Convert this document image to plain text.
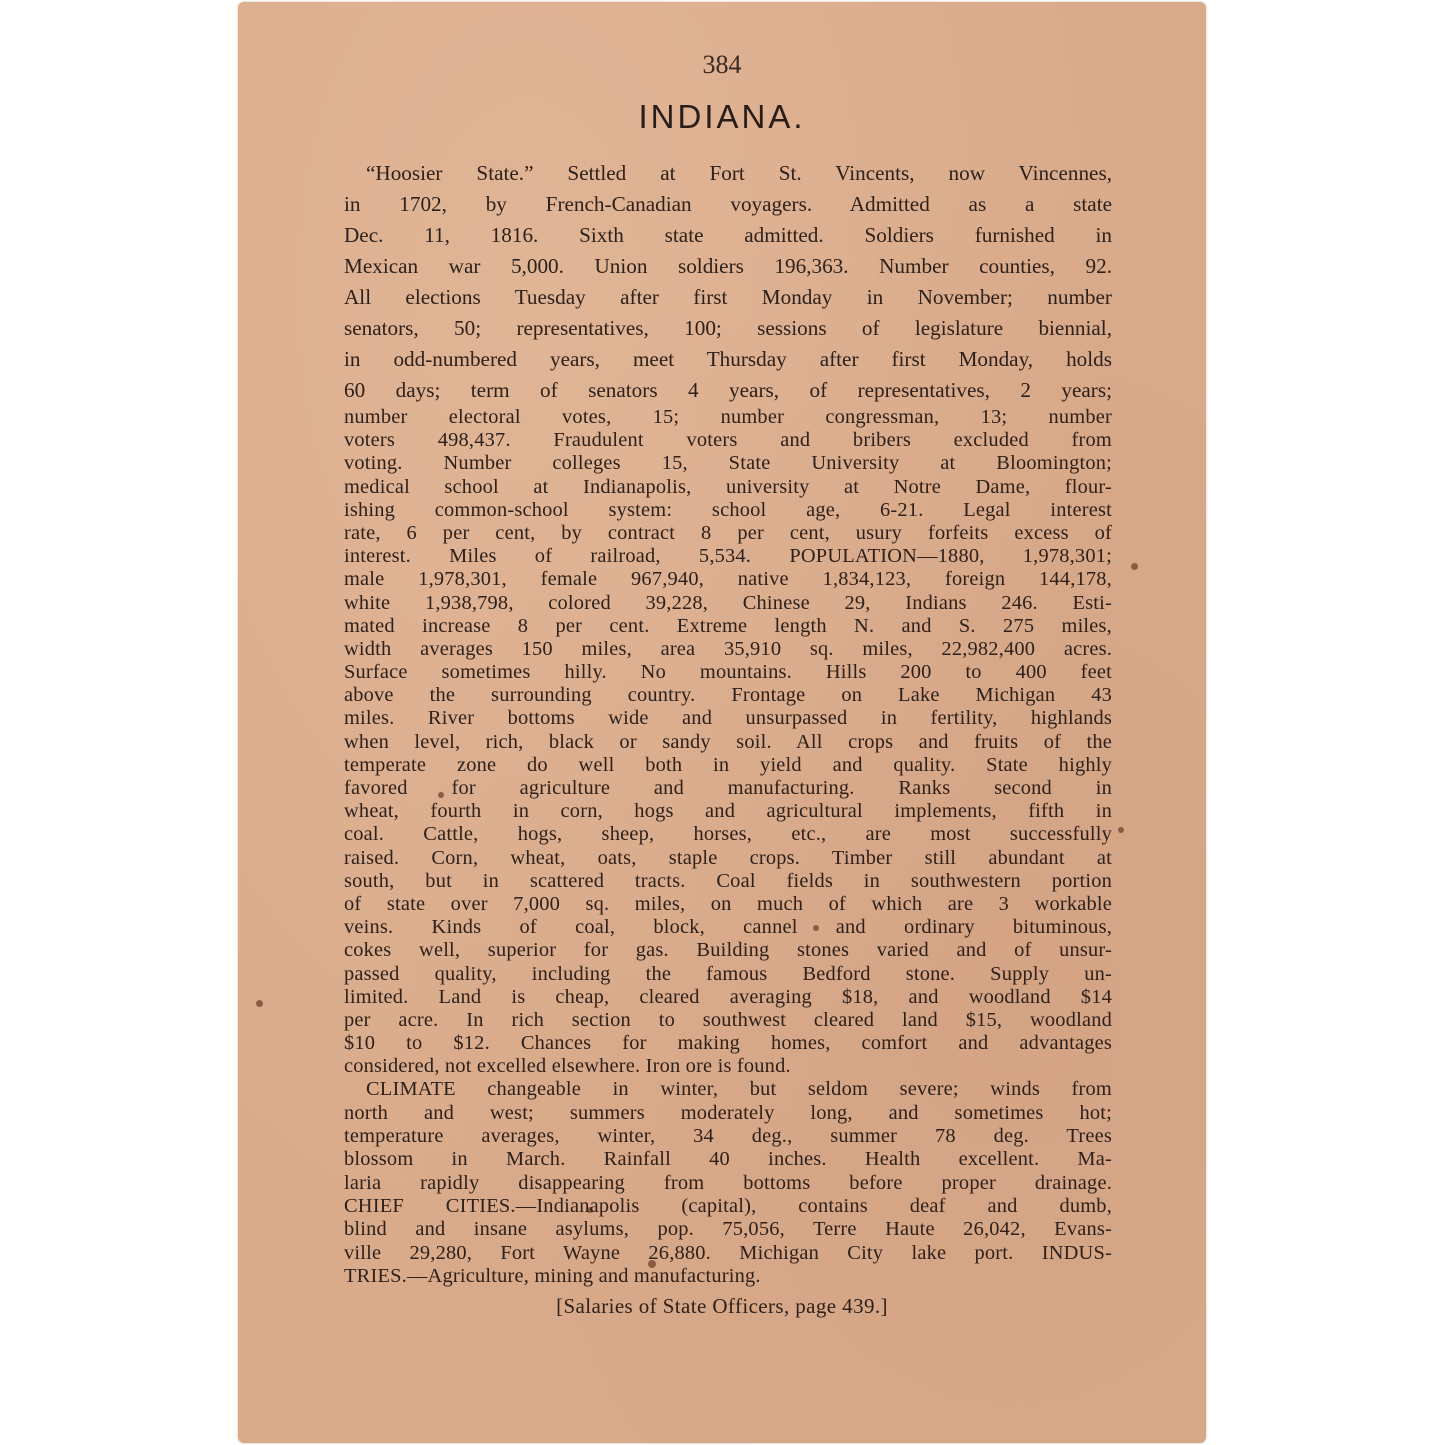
384
INDIANA.
“Hoosier State.” Settled at Fort St. Vincents, now Vincennes,
in 1702, by French-Canadian voyagers. Admitted as a state
Dec. 11, 1816. Sixth state admitted. Soldiers furnished in
Mexican war 5,000. Union soldiers 196,363. Number counties, 92.
All elections Tuesday after first Monday in November; number
senators, 50; representatives, 100; sessions of legislature biennial,
in odd-numbered years, meet Thursday after first Monday, holds
60 days; term of senators 4 years, of representatives, 2 years;
number electoral votes, 15; number congressman, 13; number
voters 498,437. Fraudulent voters and bribers excluded from
voting. Number colleges 15, State University at Bloomington;
medical school at Indianapolis, university at Notre Dame, flour-
ishing common-school system: school age, 6-21. Legal interest
rate, 6 per cent, by contract 8 per cent, usury forfeits excess of
interest. Miles of railroad, 5,534. POPULATION—1880, 1,978,301;
male 1,978,301, female 967,940, native 1,834,123, foreign 144,178,
white 1,938,798, colored 39,228, Chinese 29, Indians 246. Esti-
mated increase 8 per cent. Extreme length N. and S. 275 miles,
width averages 150 miles, area 35,910 sq. miles, 22,982,400 acres.
Surface sometimes hilly. No mountains. Hills 200 to 400 feet
above the surrounding country. Frontage on Lake Michigan 43
miles. River bottoms wide and unsurpassed in fertility, highlands
when level, rich, black or sandy soil. All crops and fruits of the
temperate zone do well both in yield and quality. State highly
favored for agriculture and manufacturing. Ranks second in
wheat, fourth in corn, hogs and agricultural implements, fifth in
coal. Cattle, hogs, sheep, horses, etc., are most successfully
raised. Corn, wheat, oats, staple crops. Timber still abundant at
south, but in scattered tracts. Coal fields in southwestern portion
of state over 7,000 sq. miles, on much of which are 3 workable
veins. Kinds of coal, block, cannel and ordinary bituminous,
cokes well, superior for gas. Building stones varied and of unsur-
passed quality, including the famous Bedford stone. Supply un-
limited. Land is cheap, cleared averaging $18, and woodland $14
per acre. In rich section to southwest cleared land $15, woodland
$10 to $12. Chances for making homes, comfort and advantages
considered, not excelled elsewhere. Iron ore is found.
CLIMATE changeable in winter, but seldom severe; winds from
north and west; summers moderately long, and sometimes hot;
temperature averages, winter, 34 deg., summer 78 deg. Trees
blossom in March. Rainfall 40 inches. Health excellent. Ma-
laria rapidly disappearing from bottoms before proper drainage.
CHIEF CITIES.—Indianapolis (capital), contains deaf and dumb,
blind and insane asylums, pop. 75,056, Terre Haute 26,042, Evans-
ville 29,280, Fort Wayne 26,880. Michigan City lake port. INDUS-
TRIES.—Agriculture, mining and manufacturing.
[Salaries of State Officers, page 439.]
